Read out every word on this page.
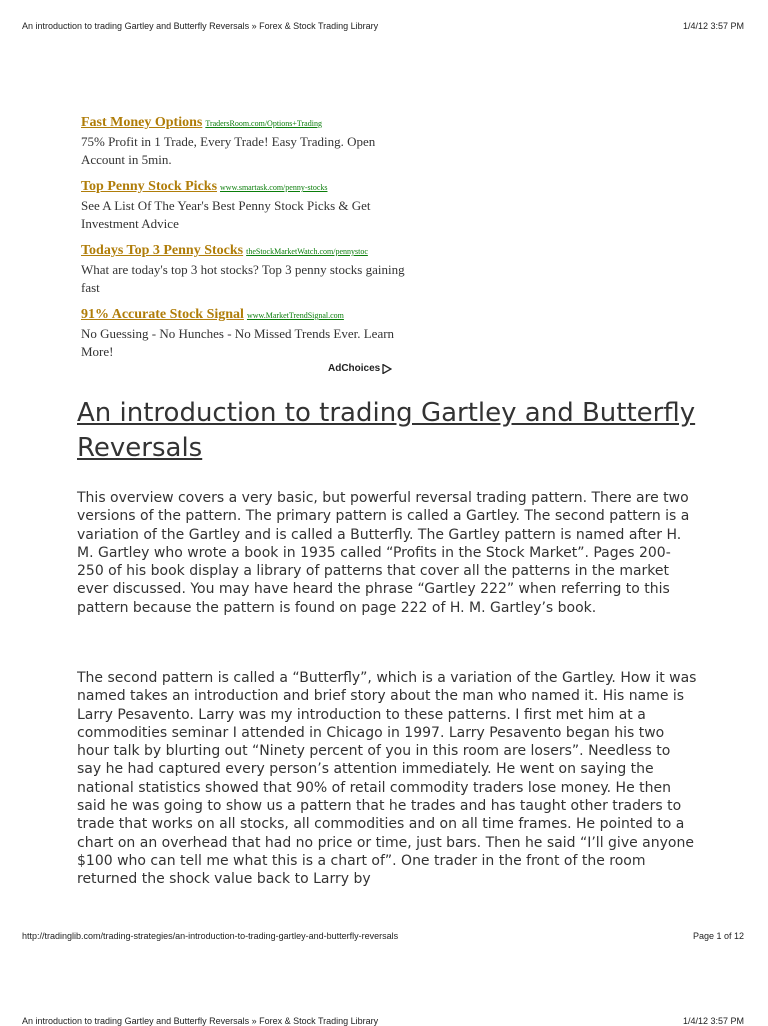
An introduction to trading Gartley and Butterfly Reversals » Forex & Stock Trading Library	1/4/12 3:57 PM
Fast Money Options TradersRoom.com/Options+Trading
75% Profit in 1 Trade, Every Trade! Easy Trading. Open Account in 5min.
Top Penny Stock Picks www.smartask.com/penny-stocks
See A List Of The Year's Best Penny Stock Picks & Get Investment Advice
Todays Top 3 Penny Stocks theStockMarketWatch.com/pennystoc
What are today's top 3 hot stocks? Top 3 penny stocks gaining fast
91% Accurate Stock Signal www.MarketTrendSignal.com
No Guessing - No Hunches - No Missed Trends Ever. Learn More!
AdChoices
An introduction to trading Gartley and Butterfly Reversals

This overview covers a very basic, but powerful reversal trading pattern. There are two versions of the pattern. The primary pattern is called a Gartley. The second pattern is a variation of the Gartley and is called a Butterfly. The Gartley pattern is named after H. M. Gartley who wrote a book in 1935 called “Profits in the Stock Market”. Pages 200-250 of his book display a library of patterns that cover all the patterns in the market ever discussed. You may have heard the phrase “Gartley 222” when referring to this pattern because the pattern is found on page 222 of H. M. Gartley’s book.

The second pattern is called a “Butterfly”, which is a variation of the Gartley. How it was named takes an introduction and brief story about the man who named it. His name is Larry Pesavento. Larry was my introduction to these patterns. I first met him at a commodities seminar I attended in Chicago in 1997. Larry Pesavento began his two hour talk by blurting out “Ninety percent of you in this room are losers”. Needless to say he had captured every person’s attention immediately. He went on saying the national statistics showed that 90% of retail commodity traders lose money. He then said he was going to show us a pattern that he trades and has taught other traders to trade that works on all stocks, all commodities and on all time frames. He pointed to a chart on an overhead that had no price or time, just bars. Then he said “I’ll give anyone $100 who can tell me what this is a chart of”. One trader in the front of the room returned the shock value back to Larry by

http://tradinglib.com/trading-strategies/an-introduction-to-trading-gartley-and-butterfly-reversals	Page 1 of 12
An introduction to trading Gartley and Butterfly Reversals » Forex & Stock Trading Library	1/4/12 3:57 PM
